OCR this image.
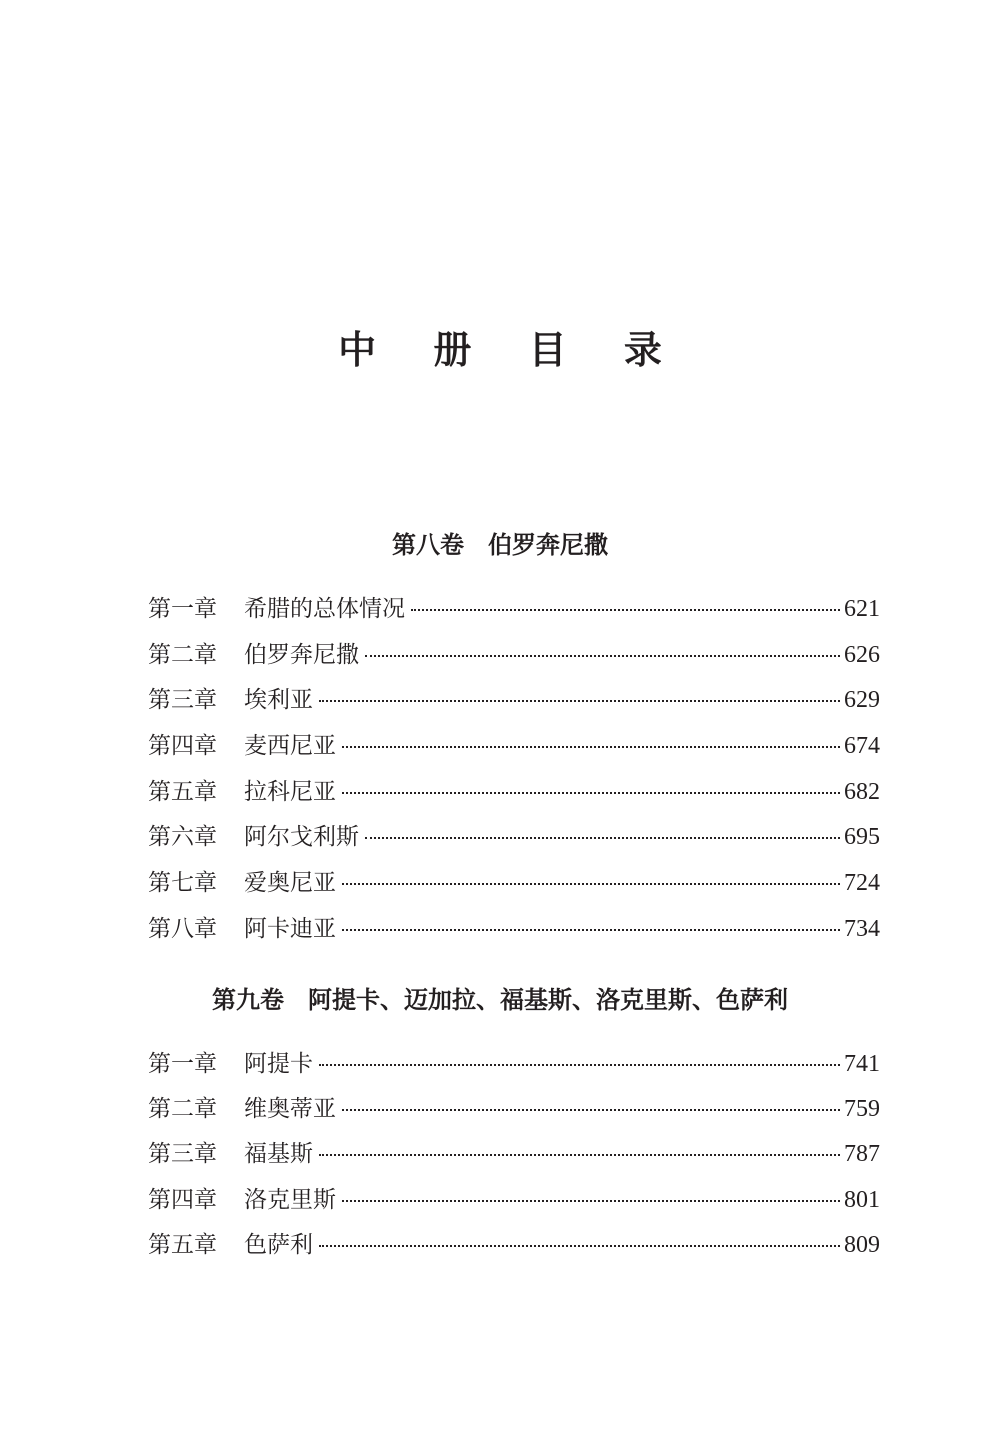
中 册 目 录
第八卷　伯罗奔尼撒
第一章	希腊的总体情况	621
第二章	伯罗奔尼撒	626
第三章	埃利亚	629
第四章	麦西尼亚	674
第五章	拉科尼亚	682
第六章	阿尔戈利斯	695
第七章	爱奥尼亚	724
第八章	阿卡迪亚	734
第九卷　阿提卡、迈加拉、福基斯、洛克里斯、色萨利
第一章	阿提卡	741
第二章	维奥蒂亚	759
第三章	福基斯	787
第四章	洛克里斯	801
第五章	色萨利	809
